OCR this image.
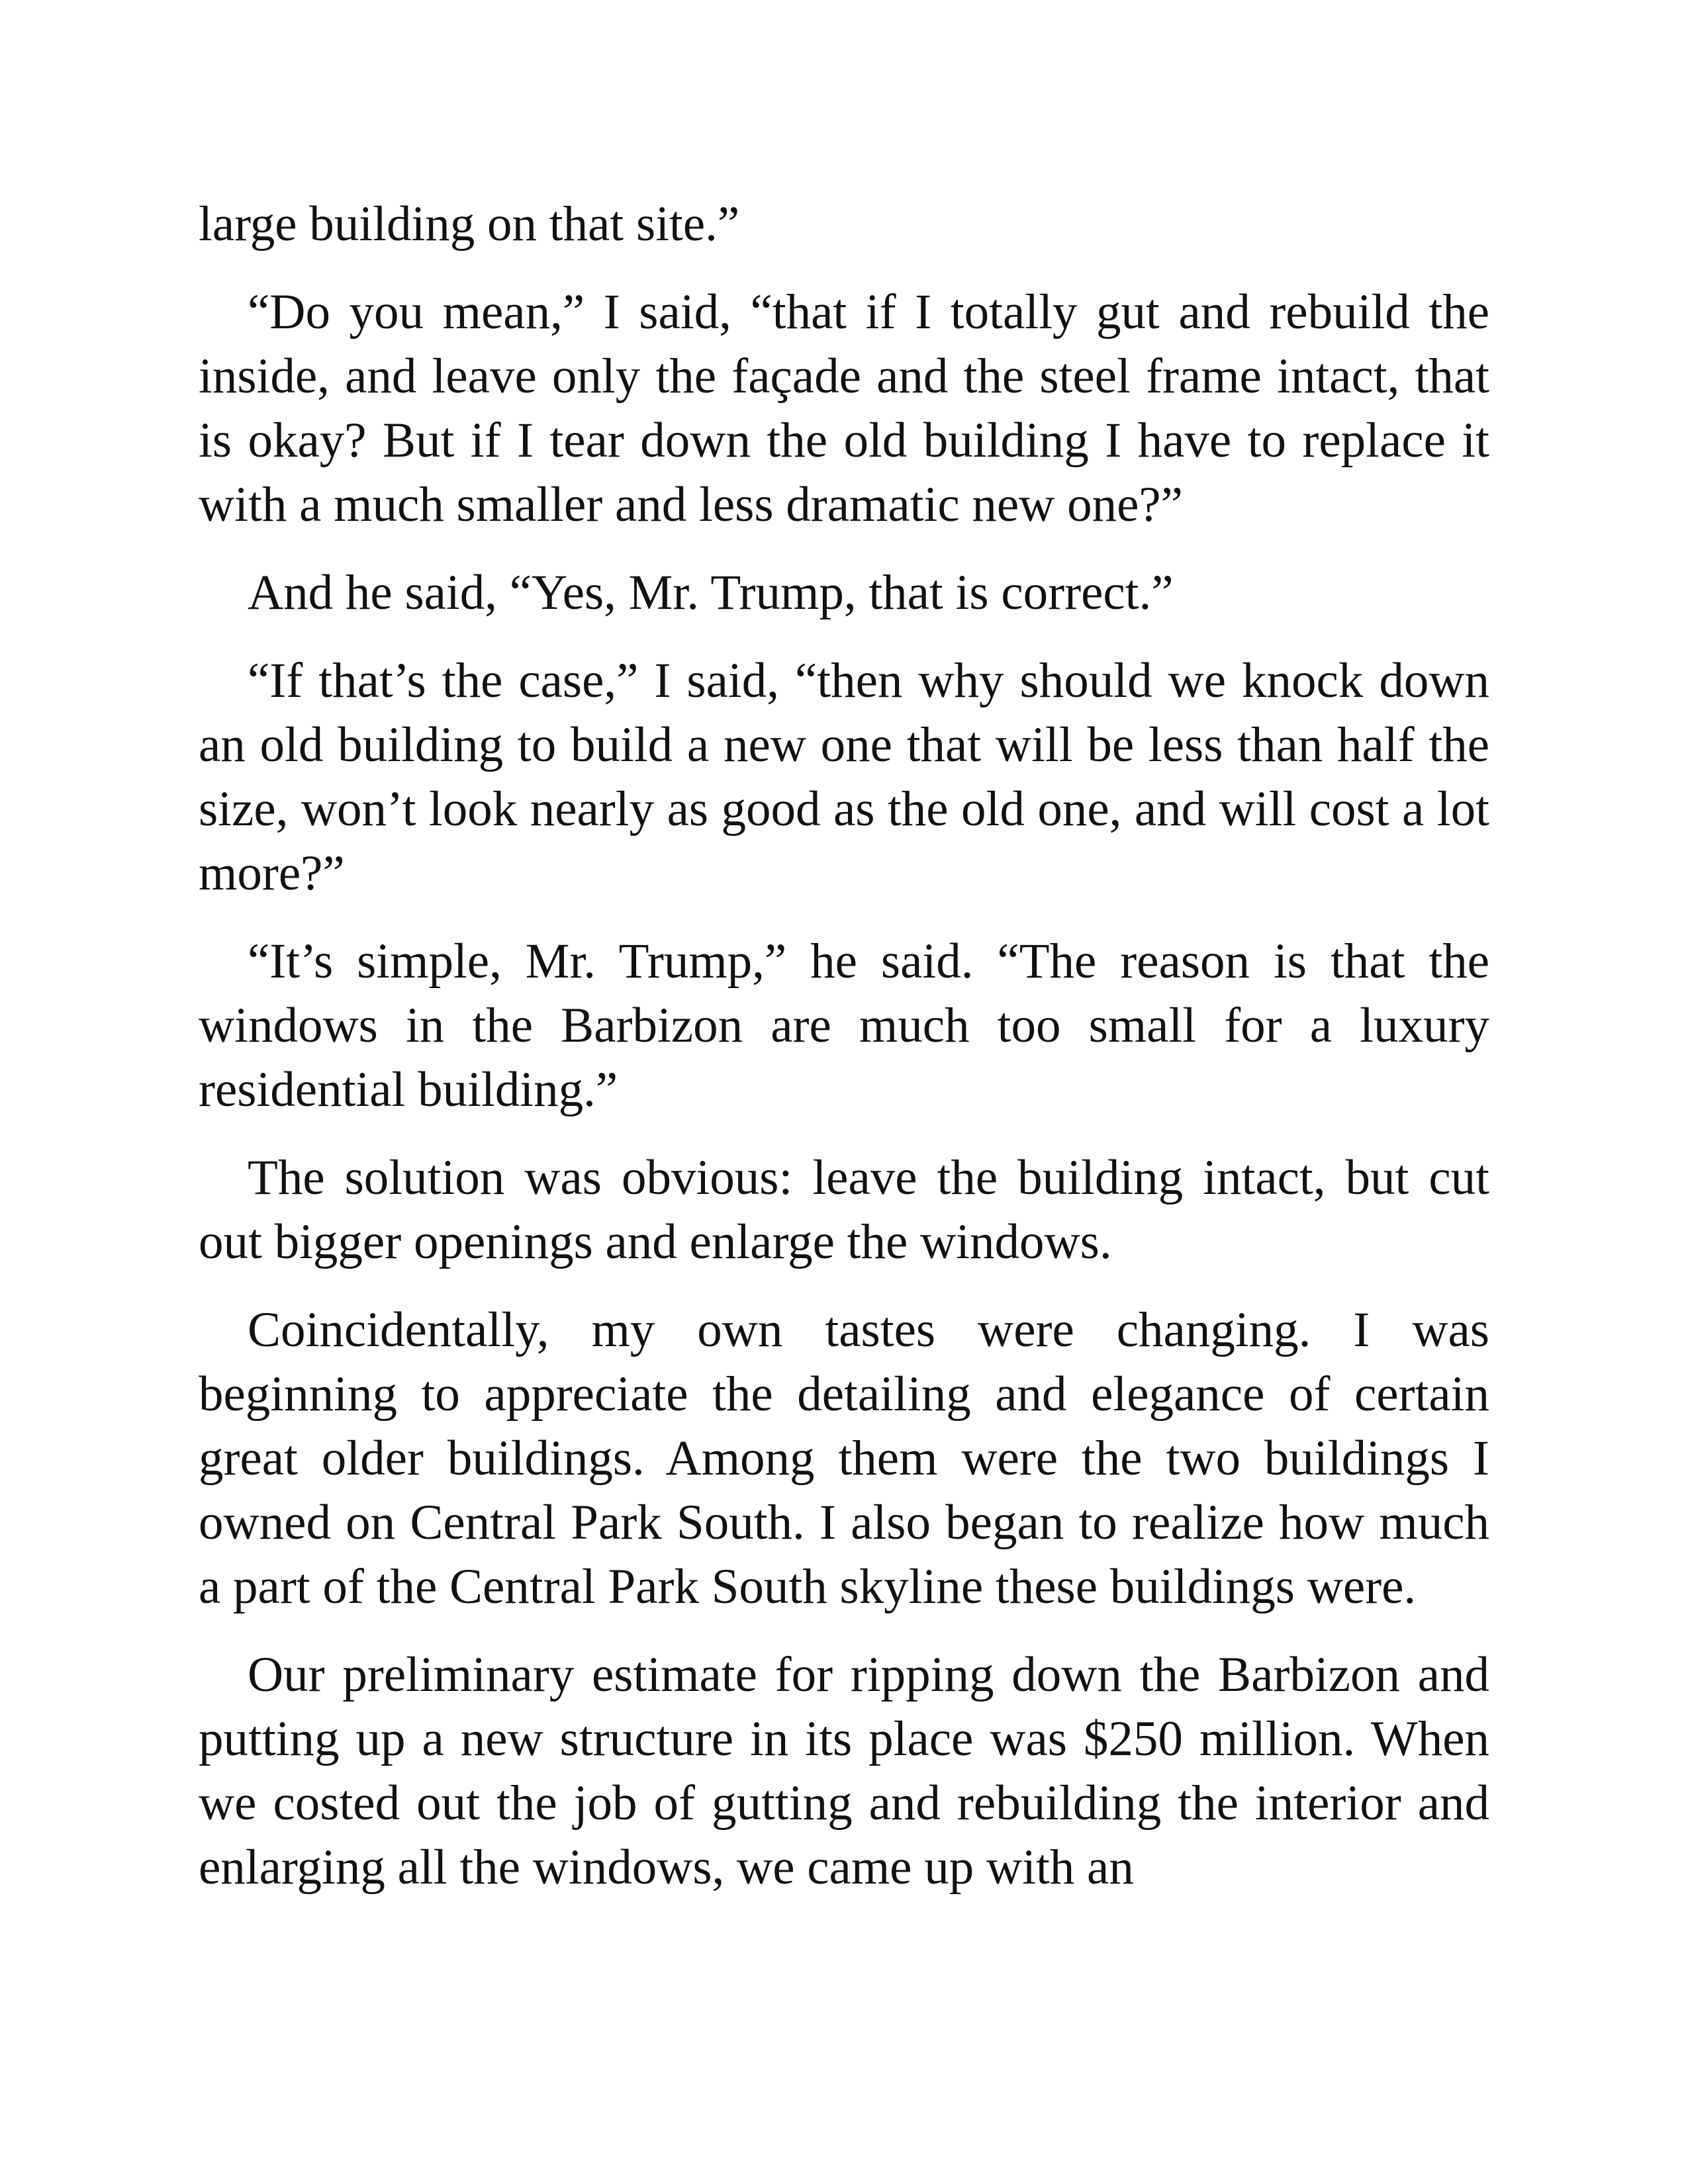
large building on that site.”

“Do you mean,” I said, “that if I totally gut and rebuild the inside, and leave only the façade and the steel frame intact, that is okay? But if I tear down the old building I have to replace it with a much smaller and less dramatic new one?”

And he said, “Yes, Mr. Trump, that is correct.”

“If that’s the case,” I said, “then why should we knock down an old building to build a new one that will be less than half the size, won’t look nearly as good as the old one, and will cost a lot more?”

“It’s simple, Mr. Trump,” he said. “The reason is that the windows in the Barbizon are much too small for a luxury residential building.”

The solution was obvious: leave the building intact, but cut out bigger openings and enlarge the windows.

Coincidentally, my own tastes were changing. I was beginning to appreciate the detailing and elegance of certain great older buildings. Among them were the two buildings I owned on Central Park South. I also began to realize how much a part of the Central Park South skyline these buildings were.

Our preliminary estimate for ripping down the Barbizon and putting up a new structure in its place was $250 million. When we costed out the job of gutting and rebuilding the interior and enlarging all the windows, we came up with an
